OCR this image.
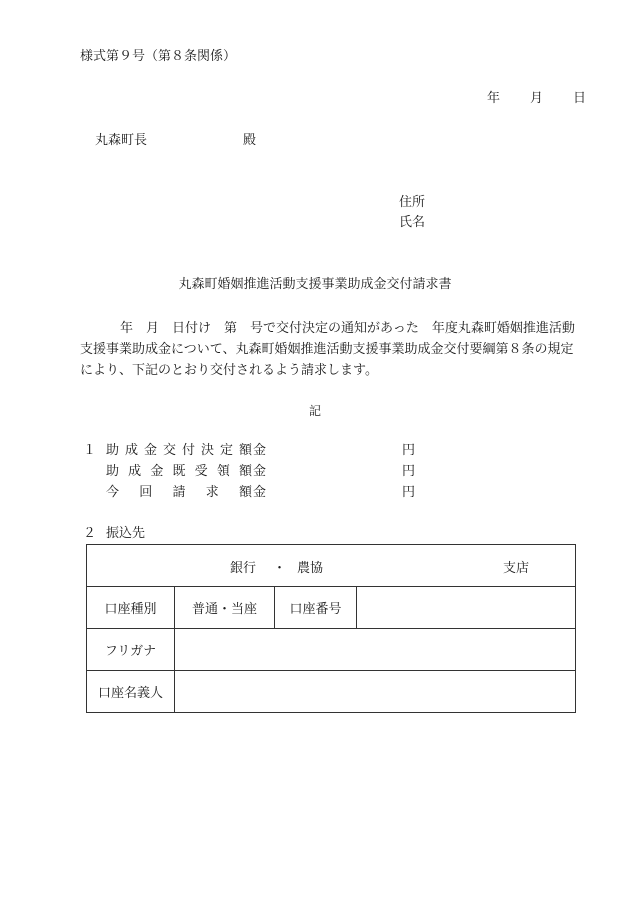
様式第９号（第８条関係）
年 月 日
丸森町長	殿
住所
氏名
丸森町婚姻推進活動支援事業助成金交付請求書

年　月　日付け　第　号で交付決定の通知があった　年度丸森町婚姻推進活動支援事業助成金について、丸森町婚姻推進活動支援事業助成金交付要綱第８条の規定により、下記のとおり交付されるよう請求します。

記
１ 助成金交付決定額 金	円
助成金既受領額 金	円
今回請求額 金	円
２ 振込先
銀行 ・ 農協 支店			

口座種別	普通・当座	口座番号	
フリガナ			
口座名義人			
